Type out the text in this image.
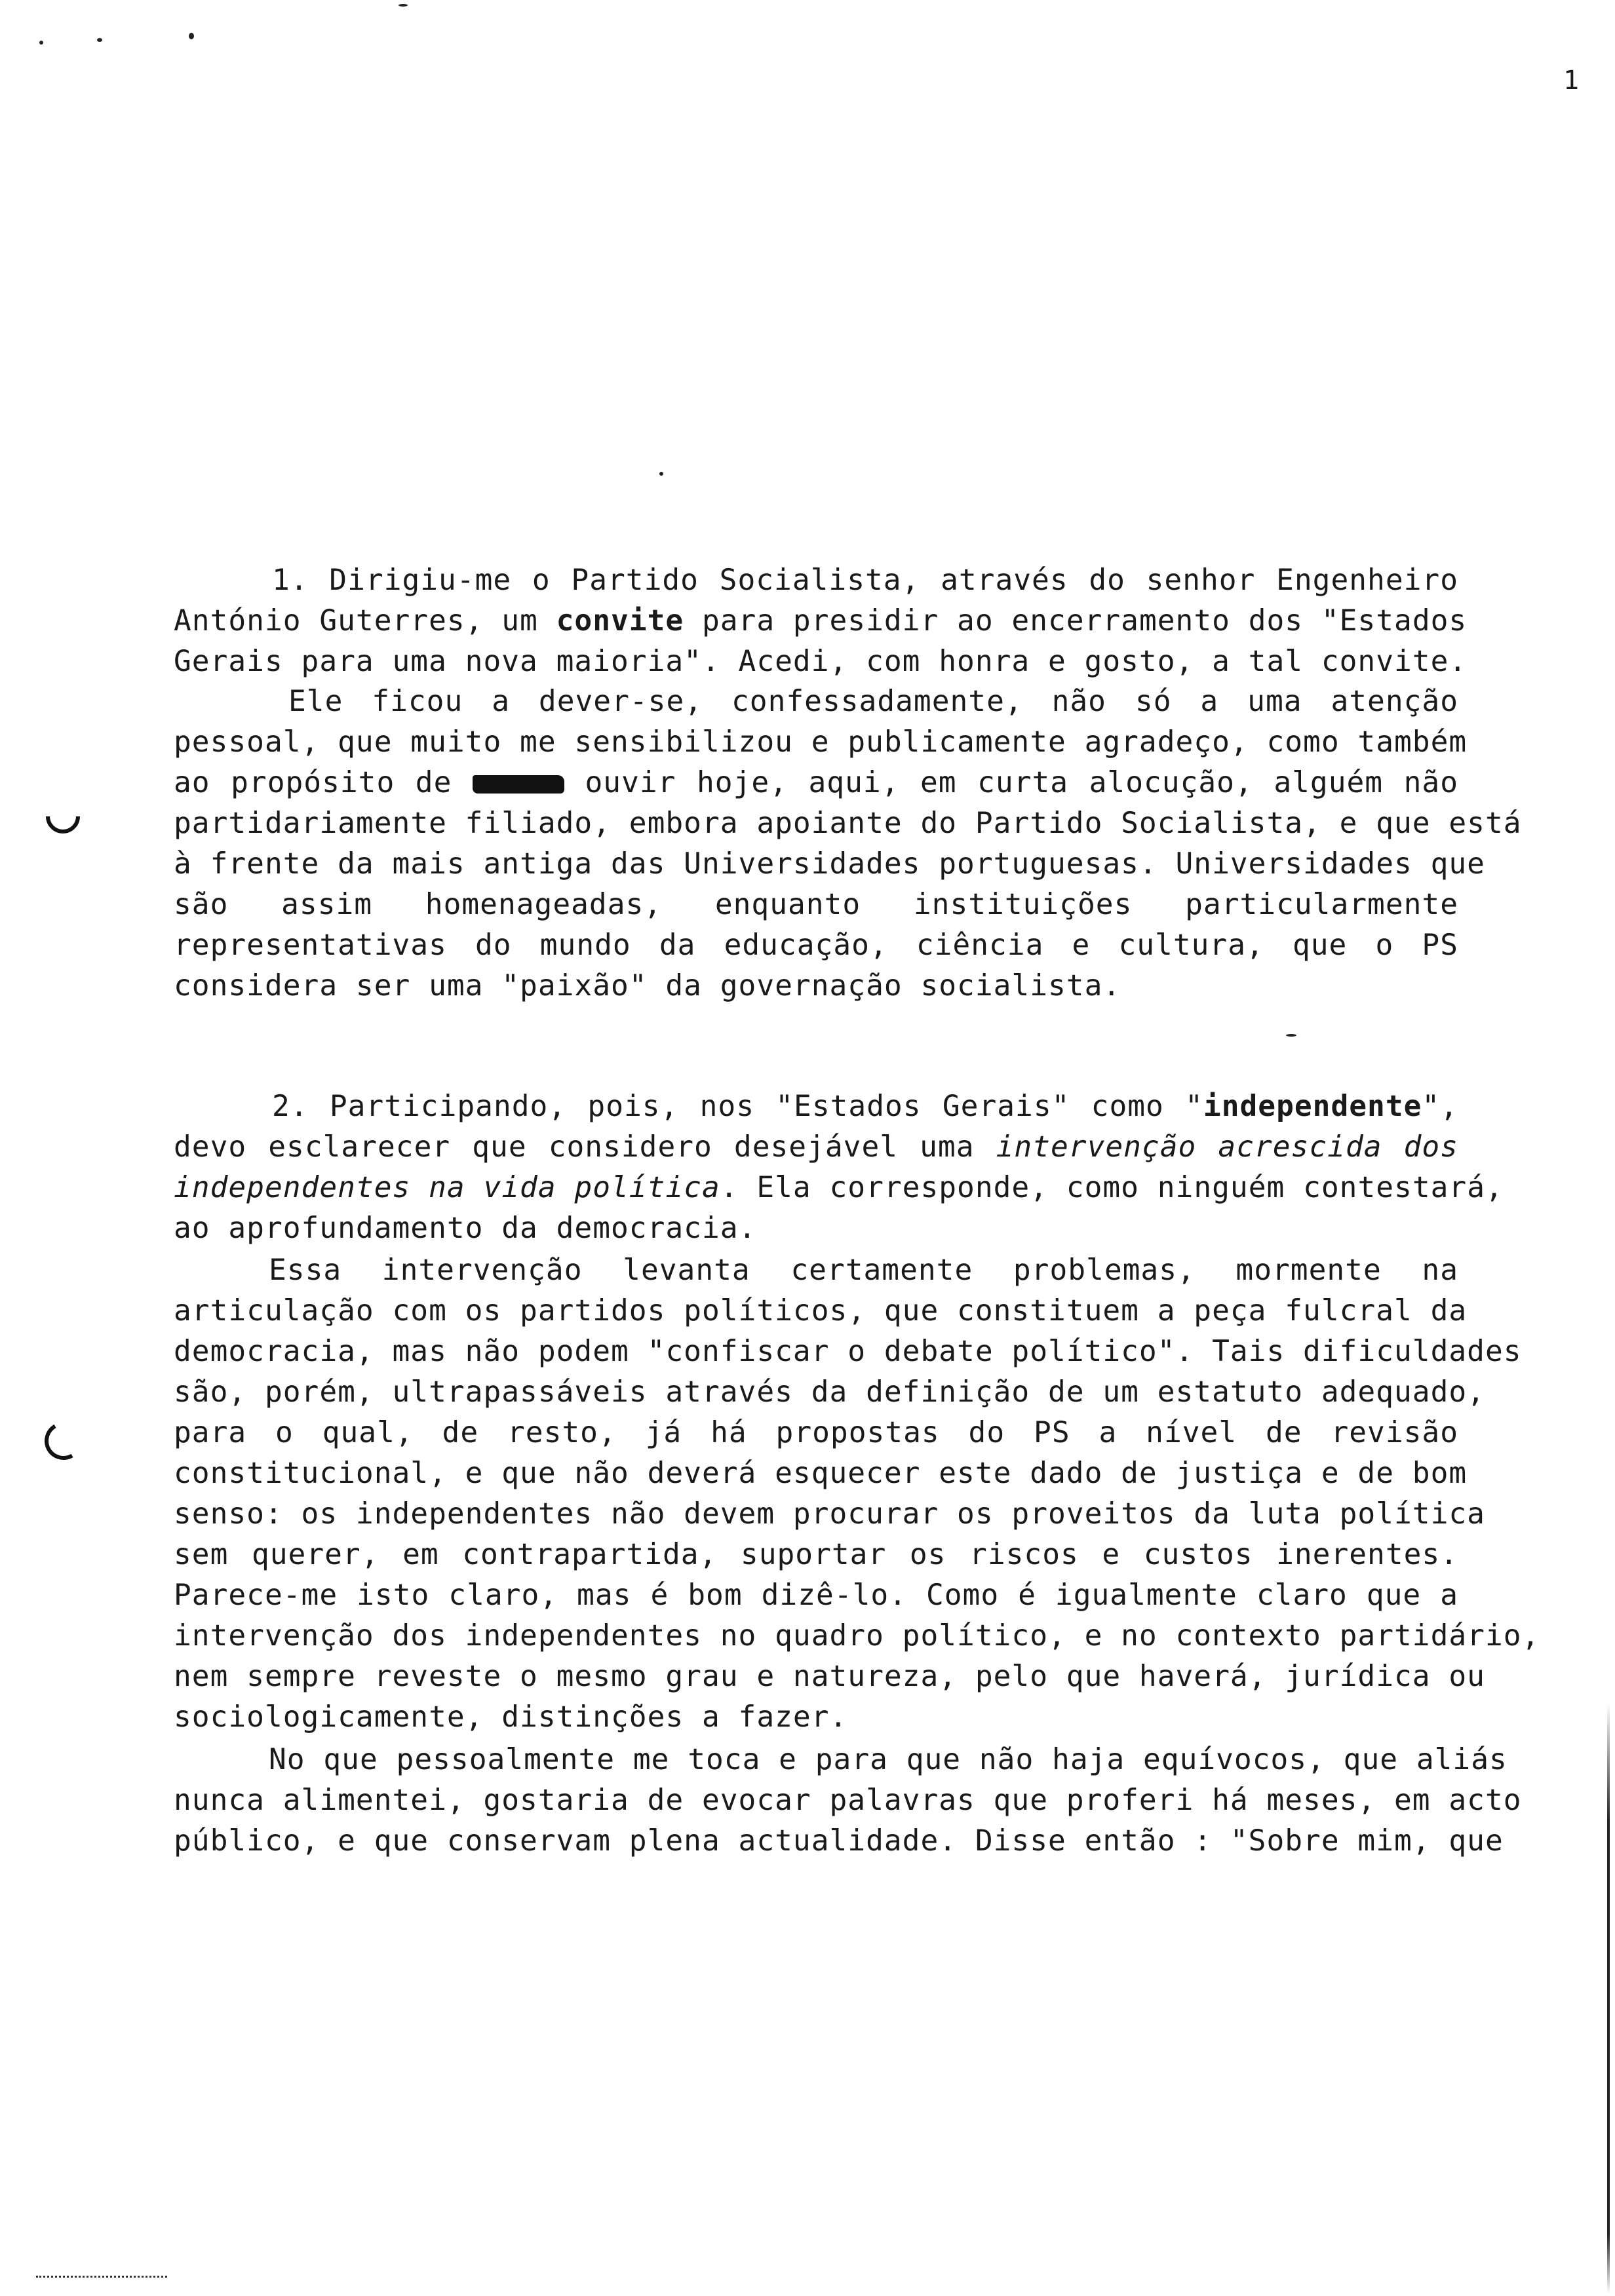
1
1. Dirigiu-me o Partido Socialista, através do senhor Engenheiro
António Guterres, um convite para presidir ao encerramento dos "Estados
Gerais para uma nova maioria". Acedi, com honra e gosto, a tal convite.
Ele ficou a dever-se, confessadamente, não só a uma atenção
pessoal, que muito me sensibilizou e publicamente agradeço, como também
ao propósito de	ouvir hoje, aqui, em curta alocução, alguém não
partidariamente filiado, embora apoiante do Partido Socialista, e que está
à frente da mais antiga das Universidades portuguesas. Universidades que
são assim homenageadas, enquanto instituições particularmente
representativas do mundo da educação, ciência e cultura, que o PS
considera ser uma "paixão" da governação socialista.
2. Participando, pois, nos "Estados Gerais" como "independente",
devo esclarecer que considero desejável uma intervenção acrescida dos
independentes na vida política. Ela corresponde, como ninguém contestará,
ao aprofundamento da democracia.
Essa intervenção levanta certamente problemas, mormente na
articulação com os partidos políticos, que constituem a peça fulcral da
democracia, mas não podem "confiscar o debate político". Tais dificuldades
são, porém, ultrapassáveis através da definição de um estatuto adequado,
para o qual, de resto, já há propostas do PS a nível de revisão
constitucional, e que não deverá esquecer este dado de justiça e de bom
senso: os independentes não devem procurar os proveitos da luta política
sem querer, em contrapartida, suportar os riscos e custos inerentes.
Parece-me isto claro, mas é bom dizê-lo. Como é igualmente claro que a
intervenção dos independentes no quadro político, e no contexto partidário,
nem sempre reveste o mesmo grau e natureza, pelo que haverá, jurídica ou
sociologicamente, distinções a fazer.
No que pessoalmente me toca e para que não haja equívocos, que aliás
nunca alimentei, gostaria de evocar palavras que proferi há meses, em acto
público, e que conservam plena actualidade. Disse então : "Sobre mim, que
